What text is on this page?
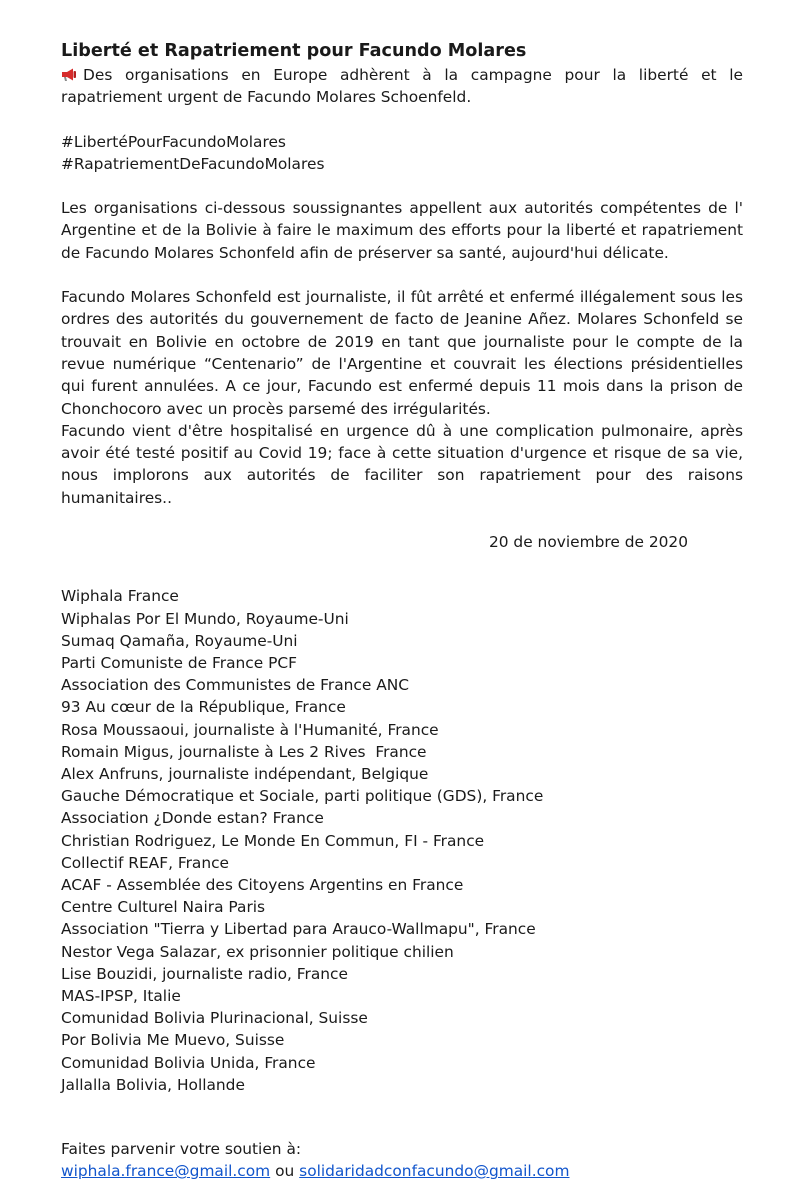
Liberté et Rapatriement pour Facundo Molares

Des organisations en Europe adhèrent à la campagne pour la liberté et le rapatriement urgent de Facundo Molares Schoenfeld.

#LibertéPourFacundoMolares
#RapatriementDeFacundoMolares

Les organisations ci-dessous soussignantes appellent aux autorités compétentes de l' Argentine et de la Bolivie à faire le maximum des efforts pour la liberté et rapatriement de Facundo Molares Schonfeld afin de préserver sa santé, aujourd'hui délicate.

Facundo Molares Schonfeld est journaliste, il fût arrêté et enfermé illégalement sous les ordres des autorités du gouvernement de facto de Jeanine Añez. Molares Schonfeld se trouvait en Bolivie en octobre de 2019 en tant que journaliste pour le compte de la revue numérique “Centenario” de l'Argentine et couvrait les élections présidentielles qui furent annulées. A ce jour, Facundo est enfermé depuis 11 mois dans la prison de Chonchocoro avec un procès parsemé des irrégularités.

Facundo vient d'être hospitalisé en urgence dû à une complication pulmonaire, après avoir été testé positif au Covid 19; face à cette situation d'urgence et risque de sa vie, nous implorons aux autorités de faciliter son rapatriement pour des raisons humanitaires..

20 de noviembre de 2020
Wiphala France
Wiphalas Por El Mundo, Royaume-Uni
Sumaq Qamaña, Royaume-Uni
Parti Comuniste de France PCF
Association des Communistes de France ANC
93 Au cœur de la République, France
Rosa Moussaoui, journaliste à l'Humanité, France
Romain Migus, journaliste à Les 2 Rives  France
Alex Anfruns, journaliste indépendant, Belgique
Gauche Démocratique et Sociale, parti politique (GDS), France
Association ¿Donde estan? France
Christian Rodriguez, Le Monde En Commun, FI - France
Collectif REAF, France
ACAF - Assemblée des Citoyens Argentins en France
Centre Culturel Naira Paris
Association "Tierra y Libertad para Arauco-Wallmapu", France
Nestor Vega Salazar, ex prisonnier politique chilien
Lise Bouzidi, journaliste radio, France
MAS-IPSP, Italie
Comunidad Bolivia Plurinacional, Suisse
Por Bolivia Me Muevo, Suisse
Comunidad Bolivia Unida, France
Jallalla Bolivia, Hollande
Faites parvenir votre soutien à:
wiphala.france@gmail.com ou solidaridadconfacundo@gmail.com
